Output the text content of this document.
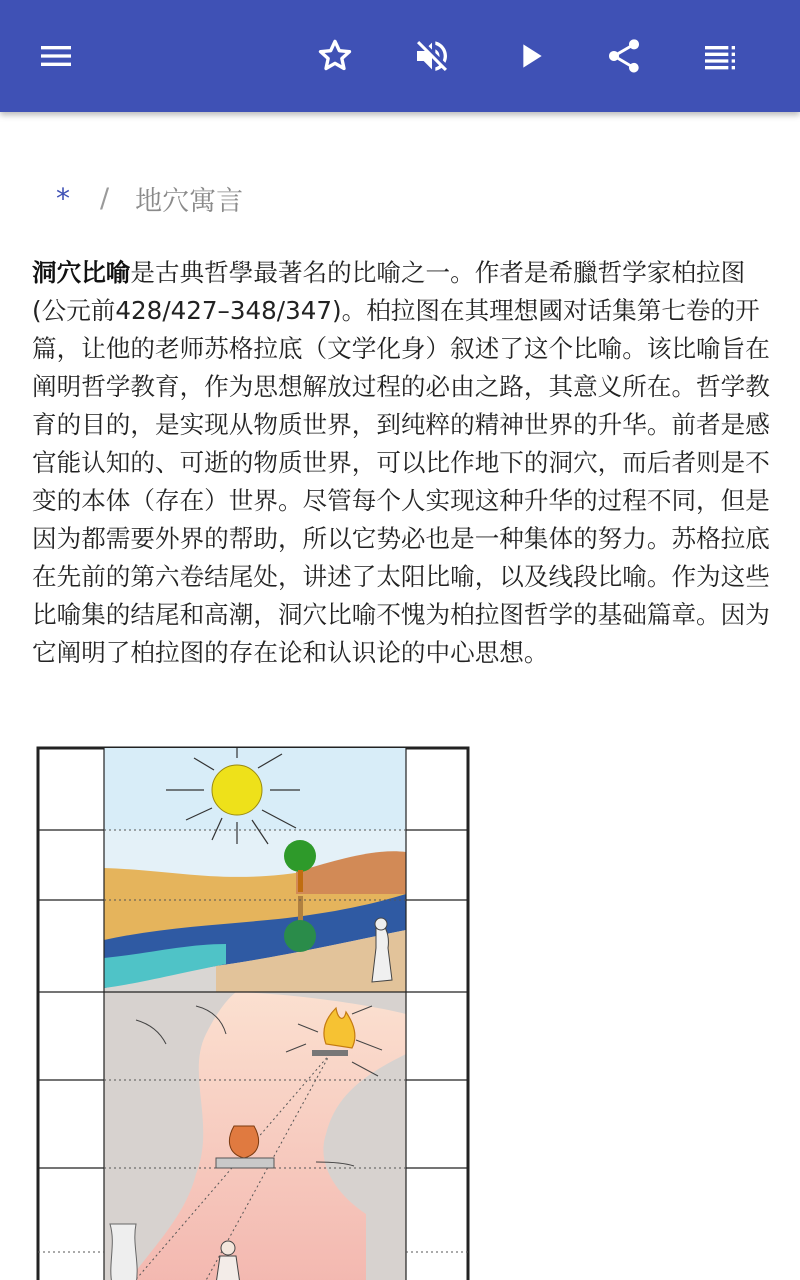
* / 地穴寓言
洞穴比喻是古典哲學最著名的比喻之一。作者是希臘哲学家柏拉图 (公元前428/427–348/347)。柏拉图在其理想國对话集第七卷的开篇，让他的老师苏格拉底（文学化身）叙述了这个比喻。该比喻旨在阐明哲学教育，作为思想解放过程的必由之路，其意义所在。哲学教育的目的，是实现从物质世界，到纯粹的精神世界的升华。前者是感官能认知的、可逝的物质世界，可以比作地下的洞穴，而后者则是不变的本体（存在）世界。尽管每个人实现这种升华的过程不同，但是因为都需要外界的帮助，所以它势必也是一种集体的努力。苏格拉底在先前的第六卷结尾处，讲述了太阳比喻，以及线段比喻。作为这些比喻集的结尾和高潮，洞穴比喻不愧为柏拉图哲学的基础篇章。因为它阐明了柏拉图的存在论和认识论的中心思想。
